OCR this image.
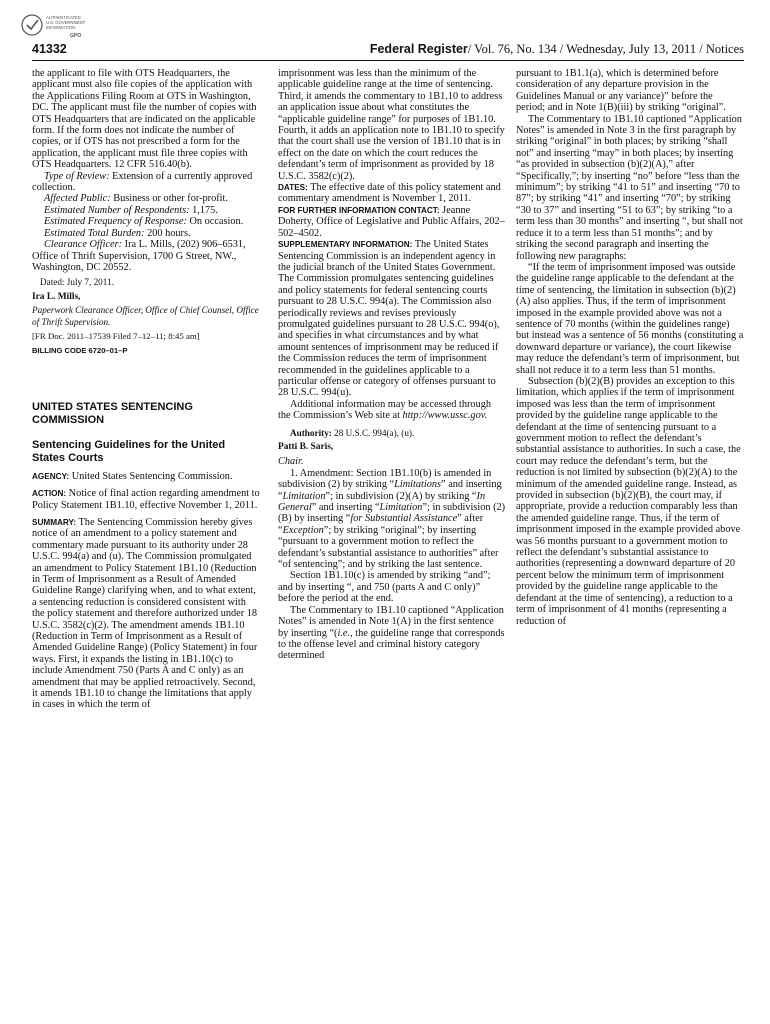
AUTHENTICATED
U.S. GOVERNMENT
INFORMATION
GPO
41332	Federal Register/ Vol. 76, No. 134 / Wednesday, July 13, 2011 / Notices

the applicant to file with OTS Headquarters, the applicant must also file copies of the application with the Applications Filing Room at OTS in Washington, DC. The applicant must file the number of copies with OTS Headquarters that are indicated on the applicable form. If the form does not indicate the number of copies, or if OTS has not prescribed a form for the application, the applicant must file three copies with OTS Headquarters. 12 CFR 516.40(b).

Type of Review: Extension of a currently approved collection.

Affected Public: Business or other for-profit.

Estimated Number of Respondents: 1,175.

Estimated Frequency of Response: On occasion.

Estimated Total Burden: 200 hours.

Clearance Officer: Ira L. Mills, (202) 906–6531, Office of Thrift Supervision, 1700 G Street, NW., Washington, DC 20552.

Dated: July 7, 2011.

Ira L. Mills,

Paperwork Clearance Officer, Office of Chief Counsel, Office of Thrift Supervision.

[FR Doc. 2011–17539 Filed 7–12–11; 8:45 am]

BILLING CODE 6720–01–P

UNITED STATES SENTENCING COMMISSION

Sentencing Guidelines for the United States Courts

AGENCY: United States Sentencing Commission.

ACTION: Notice of final action regarding amendment to Policy Statement 1B1.10, effective November 1, 2011.

SUMMARY: The Sentencing Commission hereby gives notice of an amendment to a policy statement and commentary made pursuant to its authority under 28 U.S.C. 994(a) and (u). The Commission promulgated an amendment to Policy Statement 1B1.10 (Reduction in Term of Imprisonment as a Result of Amended Guideline Range) clarifying when, and to what extent, a sentencing reduction is considered consistent with the policy statement and therefore authorized under 18 U.S.C. 3582(c)(2). The amendment amends 1B1.10 (Reduction in Term of Imprisonment as a Result of Amended Guideline Range) (Policy Statement) in four ways. First, it expands the listing in 1B1.10(c) to include Amendment 750 (Parts A and C only) as an amendment that may be applied retroactively. Second, it amends 1B1.10 to change the limitations that apply in cases in which the term of

imprisonment was less than the minimum of the applicable guideline range at the time of sentencing. Third, it amends the commentary to 1B1.10 to address an application issue about what constitutes the “applicable guideline range” for purposes of 1B1.10. Fourth, it adds an application note to 1B1.10 to specify that the court shall use the version of 1B1.10 that is in effect on the date on which the court reduces the defendant’s term of imprisonment as provided by 18 U.S.C. 3582(c)(2).

DATES: The effective date of this policy statement and commentary amendment is November 1, 2011.

FOR FURTHER INFORMATION CONTACT: Jeanne Doherty, Office of Legislative and Public Affairs, 202–502–4502.

SUPPLEMENTARY INFORMATION: The United States Sentencing Commission is an independent agency in the judicial branch of the United States Government. The Commission promulgates sentencing guidelines and policy statements for federal sentencing courts pursuant to 28 U.S.C. 994(a). The Commission also periodically reviews and revises previously promulgated guidelines pursuant to 28 U.S.C. 994(o), and specifies in what circumstances and by what amount sentences of imprisonment may be reduced if the Commission reduces the term of imprisonment recommended in the guidelines applicable to a particular offense or category of offenses pursuant to 28 U.S.C. 994(u).

Additional information may be accessed through the Commission’s Web site at http://www.ussc.gov.

Authority: 28 U.S.C. 994(a), (u).

Patti B. Saris,

Chair.

1. Amendment: Section 1B1.10(b) is amended in subdivision (2) by striking “Limitations” and inserting “Limitation”; in subdivision (2)(A) by striking “In General” and inserting “Limitation”; in subdivision (2)(B) by inserting “for Substantial Assistance” after “Exception”; by striking “original”; by inserting “pursuant to a government motion to reflect the defendant’s substantial assistance to authorities” after “of sentencing”; and by striking the last sentence.

Section 1B1.10(c) is amended by striking “and”; and by inserting “, and 750 (parts A and C only)” before the period at the end.

The Commentary to 1B1.10 captioned “Application Notes” is amended in Note 1(A) in the first sentence by inserting “(i.e., the guideline range that corresponds to the offense level and criminal history category determined

pursuant to 1B1.1(a), which is determined before consideration of any departure provision in the Guidelines Manual or any variance)” before the period; and in Note 1(B)(iii) by striking “original”.

The Commentary to 1B1.10 captioned “Application Notes” is amended in Note 3 in the first paragraph by striking “original” in both places; by striking “shall not” and inserting “may” in both places; by inserting “as provided in subsection (b)(2)(A),” after “Specifically,”; by inserting “no” before “less than the minimum”; by striking “41 to 51” and inserting “70 to 87”; by striking “41” and inserting “70”; by striking “30 to 37” and inserting “51 to 63”; by striking “to a term less than 30 months” and inserting “, but shall not reduce it to a term less than 51 months”; and by striking the second paragraph and inserting the following new paragraphs:

“If the term of imprisonment imposed was outside the guideline range applicable to the defendant at the time of sentencing, the limitation in subsection (b)(2)(A) also applies. Thus, if the term of imprisonment imposed in the example provided above was not a sentence of 70 months (within the guidelines range) but instead was a sentence of 56 months (constituting a downward departure or variance), the court likewise may reduce the defendant’s term of imprisonment, but shall not reduce it to a term less than 51 months.

Subsection (b)(2)(B) provides an exception to this limitation, which applies if the term of imprisonment imposed was less than the term of imprisonment provided by the guideline range applicable to the defendant at the time of sentencing pursuant to a government motion to reflect the defendant’s substantial assistance to authorities. In such a case, the court may reduce the defendant’s term, but the reduction is not limited by subsection (b)(2)(A) to the minimum of the amended guideline range. Instead, as provided in subsection (b)(2)(B), the court may, if appropriate, provide a reduction comparably less than the amended guideline range. Thus, if the term of imprisonment imposed in the example provided above was 56 months pursuant to a government motion to reflect the defendant’s substantial assistance to authorities (representing a downward departure of 20 percent below the minimum term of imprisonment provided by the guideline range applicable to the defendant at the time of sentencing), a reduction to a term of imprisonment of 41 months (representing a reduction of
